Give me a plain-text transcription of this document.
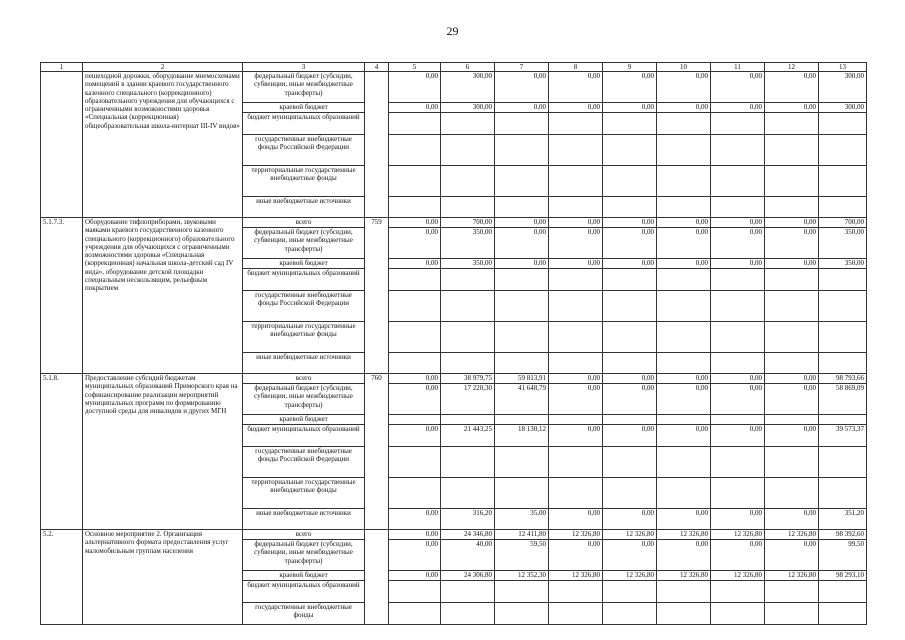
29
1	2	3	4	5	6	7	8	9	10	11	12	13
	пешеходной дорожки, оборудование мнемосхемами помещений в здании краевого государственного казенного специального (коррекционного) образовательного учреждения для обучающихся с ограниченными возможностями здоровья «Специальная (коррекционная) общеобразовательная школа-интернат III-IV видов»	федеральный бюджет (субсидии, субвенции, иные межбюджетные трансферты)		0,00	300,00	0,00	0,00	0,00	0,00	0,00	0,00	300,00
		краевой бюджет		0,00	300,00	0,00	0,00	0,00	0,00	0,00	0,00	300,00
		бюджет муниципальных образований										
		государственные внебюджетные фонды Российской Федерации										
		территориальные государственные внебюджетные фонды										
		иные внебюджетные источники										
5.1.7.3.	Оборудование тифлоприборами, звуковыми маяками краевого государственного казенного специального (коррекционного) образовательного учреждения для обучающихся с ограниченными возможностями здоровья «Специальная (коррекционная) начальная школа-детский сад IV вида», оборудование детской площадки специальным нескользящим, рельефным покрытием	всего	759	0,00	700,00	0,00	0,00	0,00	0,00	0,00	0,00	700,00
		федеральный бюджет (субсидии, субвенции, иные межбюджетные трансферты)		0,00	350,00	0,00	0,00	0,00	0,00	0,00	0,00	350,00
		краевой бюджет		0,00	350,00	0,00	0,00	0,00	0,00	0,00	0,00	350,00
		бюджет муниципальных образований										
		государственные внебюджетные фонды Российской Федерации										
		территориальные государственные внебюджетные фонды										
		иные внебюджетные источники										
5.1.8.	Предоставление субсидий бюджетам муниципальных образований Приморского края на софинансирование реализации мероприятий муниципальных программ по формированию доступной среды для инвалидов и других МГН	всего	760	0,00	38 979,75	59 813,91	0,00	0,00	0,00	0,00	0,00	98 793,66
		федеральный бюджет (субсидии, субвенции, иные межбюджетные трансферты)		0,00	17 220,30	41 648,79	0,00	0,00	0,00	0,00	0,00	58 869,09
		краевой бюджет										
		бюджет муниципальных образований		0,00	21 443,25	18 130,12	0,00	0,00	0,00	0,00	0,00	39 573,37
		государственные внебюджетные фонды Российской Федерации										
		территориальные государственные внебюджетные фонды										
		иные внебюджетные источники		0,00	316,20	35,00	0,00	0,00	0,00	0,00	0,00	351,20
5.2.	Основное мероприятие 2. Организация альтернативного формата предоставления услуг маломобильным группам населения	всего		0,00	24 346,80	12 411,80	12 326,80	12 326,80	12 326,80	12 326,80	12 326,80	98 392,60
		федеральный бюджет (субсидии, субвенции, иные межбюджетные трансферты)		0,00	40,00	59,50	0,00	0,00	0,00	0,00	0,00	99,50
		краевой бюджет		0,00	24 306,80	12 352,30	12 326,80	12 326,80	12 326,80	12 326,80	12 326,80	98 293,10
		бюджет муниципальных образований										
		государственные внебюджетные фонды										
